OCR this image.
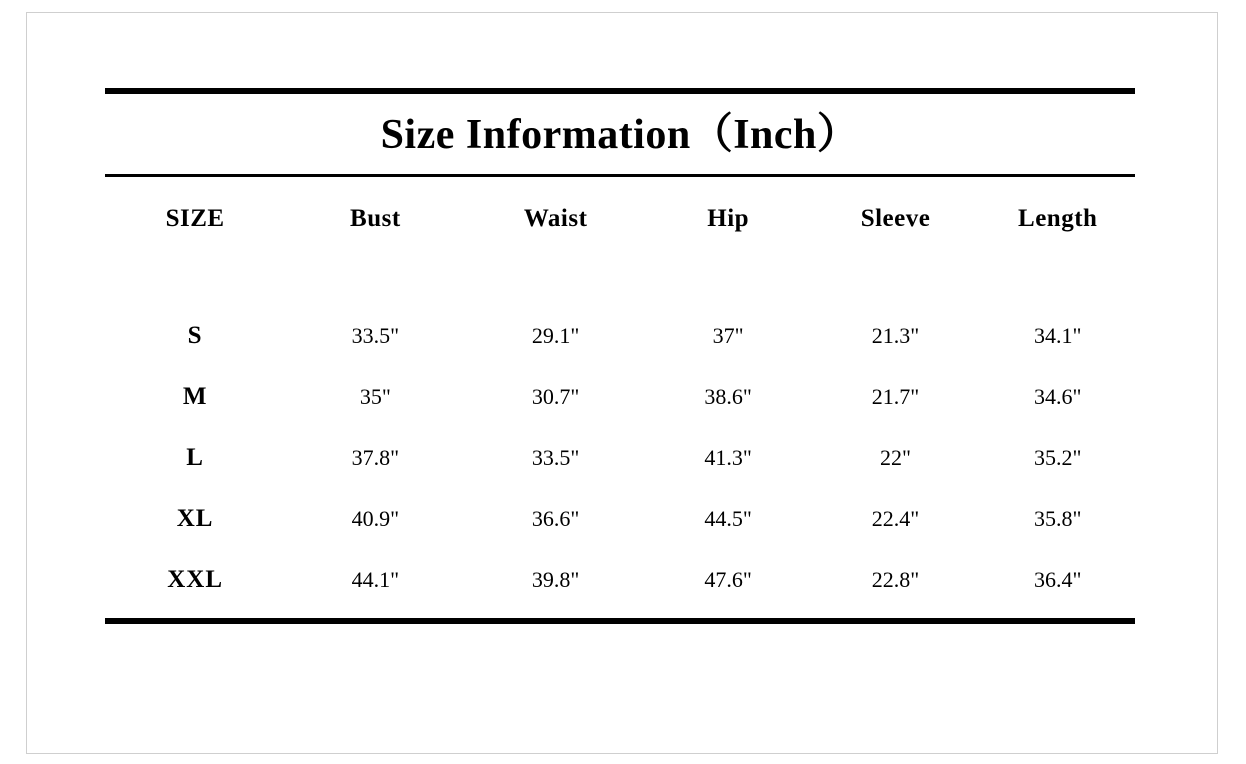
Size Information（Inch）
SIZE	Bust	Waist	Hip	Sleeve	Length

S	33.5"	29.1"	37"	21.3"	34.1"
M	35"	30.7"	38.6"	21.7"	34.6"
L	37.8"	33.5"	41.3"	22"	35.2"
XL	40.9"	36.6"	44.5"	22.4"	35.8"
XXL	44.1"	39.8"	47.6"	22.8"	36.4"
